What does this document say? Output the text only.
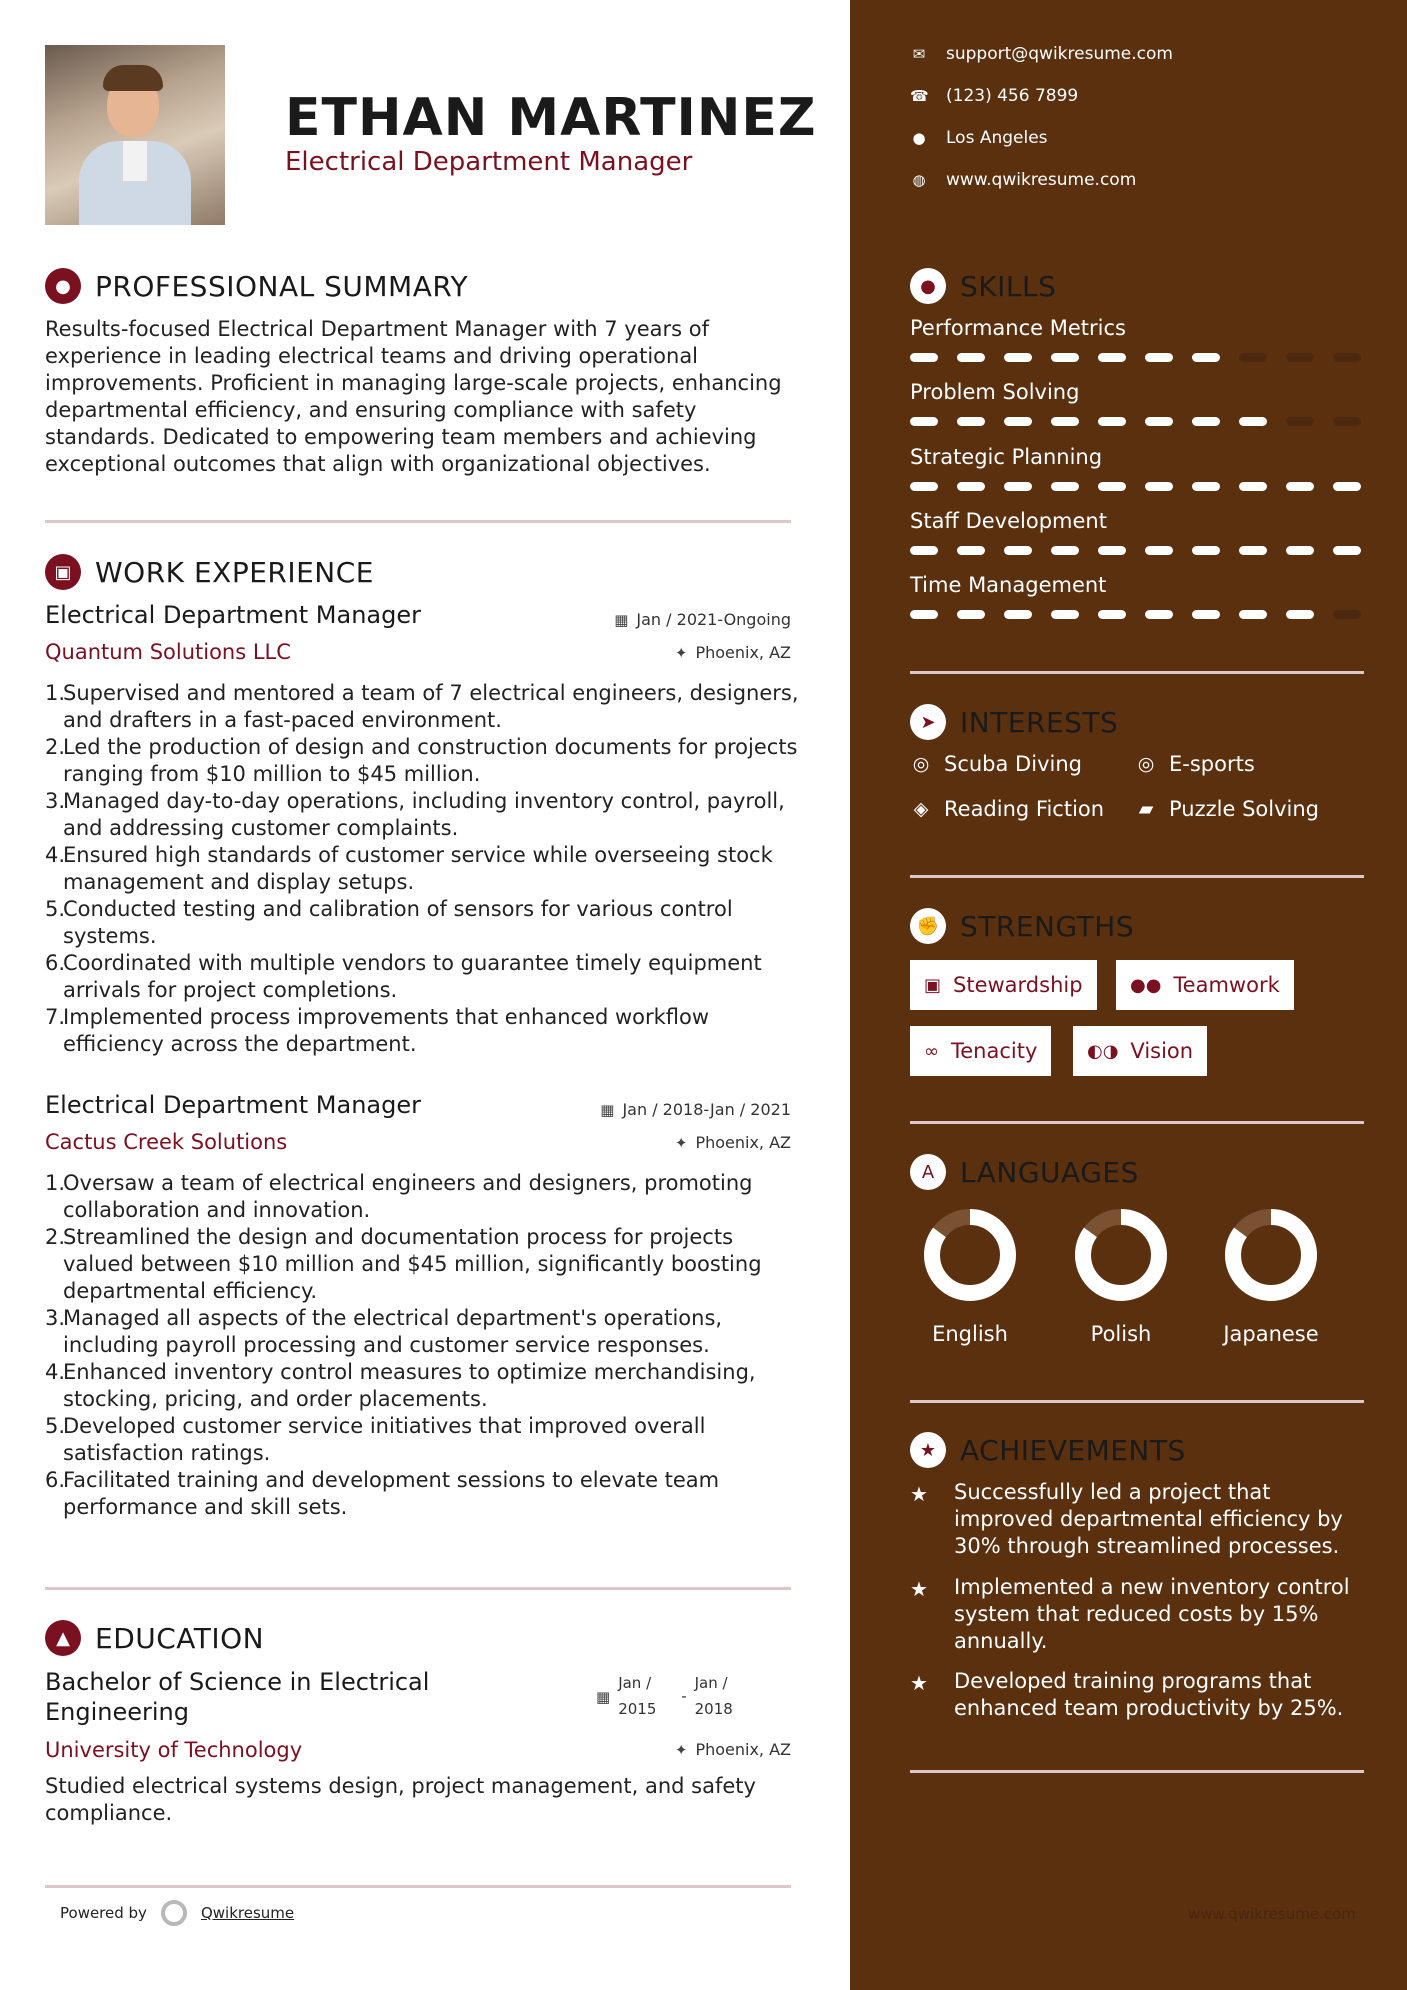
ETHAN MARTINEZ
Electrical Department Manager
✉ support@qwikresume.com
☎ (123) 456 7899
● Los Angeles
◍ www.qwikresume.com
● PROFESSIONAL SUMMARY

Results-focused Electrical Department Manager with 7 years of experience in leading electrical teams and driving operational improvements. Proficient in managing large-scale projects, enhancing departmental efficiency, and ensuring compliance with safety standards. Dedicated to empowering team members and achieving exceptional outcomes that align with organizational objectives.

▣ WORK EXPERIENCE
Electrical Department Manager
Quantum Solutions LLC
▦ Jan / 2021-Ongoing
✦ Phoenix, AZ
1.
Supervised and mentored a team of 7 electrical engineers, designers, and drafters in a fast-paced environment.
2.
Led the production of design and construction documents for projects ranging from $10 million to $45 million.
3.
Managed day-to-day operations, including inventory control, payroll, and addressing customer complaints.
4.
Ensured high standards of customer service while overseeing stock management and display setups.
5.
Conducted testing and calibration of sensors for various control systems.
6.
Coordinated with multiple vendors to guarantee timely equipment arrivals for project completions.
7.
Implemented process improvements that enhanced workflow efficiency across the department.
Electrical Department Manager
Cactus Creek Solutions
▦ Jan / 2018-Jan / 2021
✦ Phoenix, AZ
1.
Oversaw a team of electrical engineers and designers, promoting collaboration and innovation.
2.
Streamlined the design and documentation process for projects valued between $10 million and $45 million, significantly boosting departmental efficiency.
3.
Managed all aspects of the electrical department's operations, including payroll processing and customer service responses.
4.
Enhanced inventory control measures to optimize merchandising, stocking, pricing, and order placements.
5.
Developed customer service initiatives that improved overall satisfaction ratings.
6.
Facilitated training and development sessions to elevate team performance and skill sets.
▲ EDUCATION
Bachelor of Science in Electrical Engineering
▦
Jan / 2015
-
Jan / 2018
University of Technology	✦ Phoenix, AZ

Studied electrical systems design, project management, and safety compliance.

Powered by	Qwikresume	www.qwikresume.com
● SKILLS
Performance Metrics
Problem Solving
Strategic Planning
Staff Development
Time Management
➤ INTERESTS
◎ Scuba Diving	◎ E-sports
◈ Reading Fiction ▰ Puzzle Solving
✊ STRENGTHS
▣ Stewardship	●● Teamwork
∞ Tenacity	◐◑ Vision
A LANGUAGES
English	Polish	Japanese
★ ACHIEVEMENTS
★	Successfully led a project that improved departmental efficiency by 30% through streamlined processes.
★	Implemented a new inventory control system that reduced costs by 15% annually.
★	Developed training programs that enhanced team productivity by 25%.
